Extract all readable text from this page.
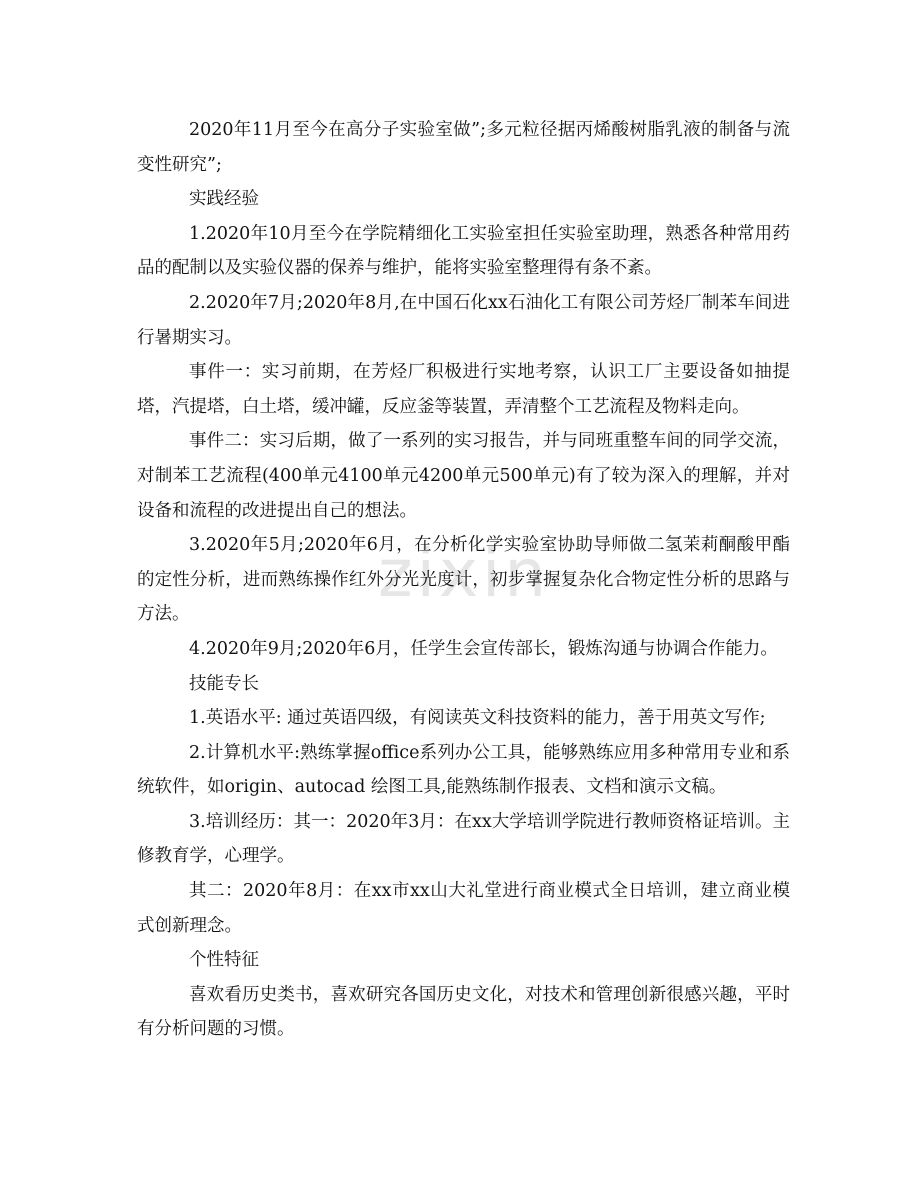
zixin

2020年11月至今在高分子实验室做”;多元粒径据丙烯酸树脂乳液的制备与流变性研究”;

实践经验

1.2020年10月至今在学院精细化工实验室担任实验室助理，熟悉各种常用药品的配制以及实验仪器的保养与维护，能将实验室整理得有条不紊。

2.2020年7月;2020年8月,在中国石化xx石油化工有限公司芳烃厂制苯车间进行暑期实习。

事件一：实习前期，在芳烃厂积极进行实地考察，认识工厂主要设备如抽提塔，汽提塔，白土塔，缓冲罐，反应釜等装置，弄清整个工艺流程及物料走向。

事件二：实习后期，做了一系列的实习报告，并与同班重整车间的同学交流，对制苯工艺流程(400单元4100单元4200单元500单元)有了较为深入的理解，并对设备和流程的改进提出自己的想法。

3.2020年5月;2020年6月，在分析化学实验室协助导师做二氢茉莉酮酸甲酯的定性分析，进而熟练操作红外分光光度计，初步掌握复杂化合物定性分析的思路与方法。

4.2020年9月;2020年6月，任学生会宣传部长，锻炼沟通与协调合作能力。

技能专长

1.英语水平: 通过英语四级，有阅读英文科技资料的能力，善于用英文写作;

2.计算机水平:熟练掌握office系列办公工具，能够熟练应用多种常用专业和系统软件，如origin、autocad 绘图工具,能熟练制作报表、文档和演示文稿。

3.培训经历：其一：2020年3月：在xx大学培训学院进行教师资格证培训。主修教育学，心理学。

其二：2020年8月：在xx市xx山大礼堂进行商业模式全日培训，建立商业模式创新理念。

个性特征

喜欢看历史类书，喜欢研究各国历史文化，对技术和管理创新很感兴趣，平时有分析问题的习惯。
